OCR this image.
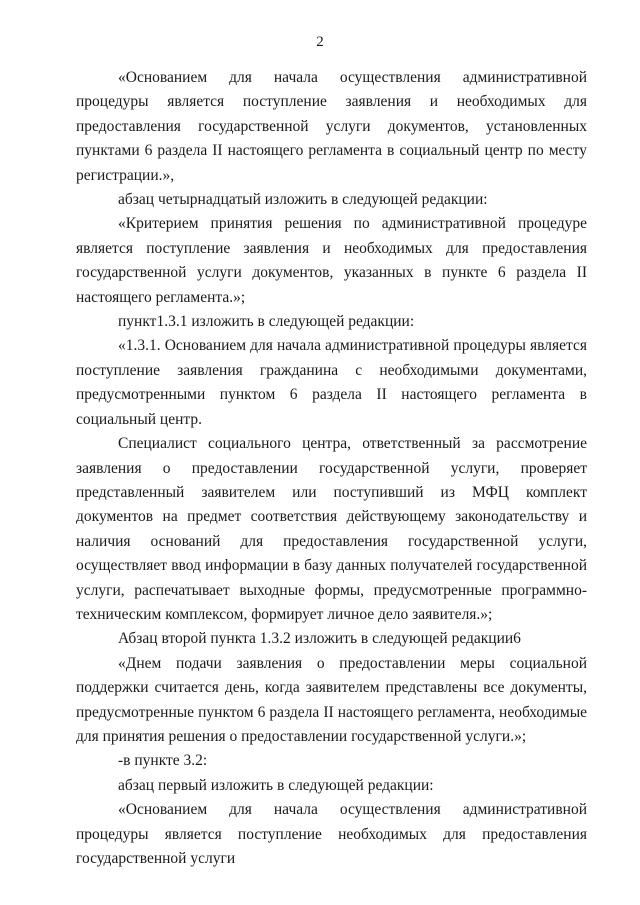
2

«Основанием для начала осуществления административной процедуры является поступление заявления и необходимых для предоставления государственной услуги документов, установленных пунктами 6 раздела II настоящего регламента в социальный центр по месту регистрации.»,

абзац четырнадцатый изложить в следующей редакции:

«Критерием принятия решения по административной процедуре является поступление заявления и необходимых для предоставления государственной услуги документов, указанных в пункте 6 раздела II настоящего регламента.»;

пункт1.3.1 изложить в следующей редакции:

«1.3.1. Основанием для начала административной процедуры является поступление заявления гражданина с необходимыми документами, предусмотренными пунктом 6 раздела II настоящего регламента в социальный центр.

Специалист социального центра, ответственный за рассмотрение заявления о предоставлении государственной услуги, проверяет представленный заявителем или поступивший из МФЦ комплект документов на предмет соответствия действующему законодательству и наличия оснований для предоставления государственной услуги, осуществляет ввод информации в базу данных получателей государственной услуги, распечатывает выходные формы, предусмотренные программно-техническим комплексом, формирует личное дело заявителя.»;

Абзац второй пункта 1.3.2 изложить в следующей редакции6

«Днем подачи заявления о предоставлении меры социальной поддержки считается день, когда заявителем представлены все документы, предусмотренные пунктом 6 раздела II настоящего регламента, необходимые для принятия решения о предоставлении государственной услуги.»;

-в пункте 3.2:

абзац первый изложить в следующей редакции:

«Основанием для начала осуществления административной процедуры является поступление необходимых для предоставления государственной услуги
